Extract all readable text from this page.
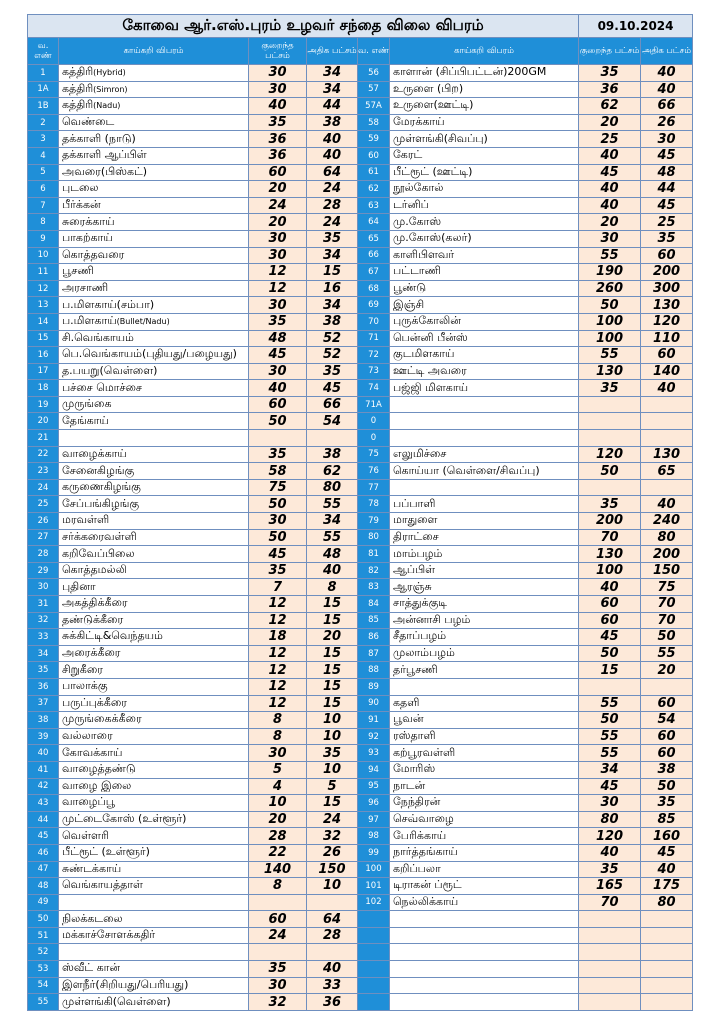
கோவை ஆர்.எஸ்.புரம் உழவர் சந்தை விலை விபரம்						09.10.2024	
வ. எண்	காய்கறி விபரம்	குறைந்த பட்சம்	அதிக பட்சம்	வ. எண்	காய்கறி விபரம்	குறைந்த பட்சம்	அதிக பட்சம்
1	கத்திரி(Hybrid)	30	34	56	காளான் (சிப்பிபட்டன்)200GM	35	40
1A	கத்திரி(Simron)	30	34	57	உருளை (பிற)	36	40
1B	கத்திரி(Nadu)	40	44	57A	உருளை(ஊட்டி)	62	66
2	வெண்டை	35	38	58	மேரக்காய்	20	26
3	தக்காளி (நாடு)	36	40	59	முள்ளங்கி(சிவப்பு)	25	30
4	தக்காளி ஆப்பிள்	36	40	60	கேரட்	40	45
5	அவரை(பிஸ்கட்)	60	64	61	பீட்ரூட் (ஊட்டி)	45	48
6	புடலை	20	24	62	நூல்கோல்	40	44
7	பீர்க்கன்	24	28	63	டர்னிப்	40	45
8	சுரைக்காய்	20	24	64	மு.கோஸ்	20	25
9	பாகற்காய்	30	35	65	மு.கோஸ்(கலர்)	30	35
10	கொத்தவரை	30	34	66	காளிபிளவர்	55	60
11	பூசணி	12	15	67	பட்டாணி	190	200
12	அரசாணி	12	16	68	பூண்டு	260	300
13	ப.மிளகாய்(சம்பா)	30	34	69	இஞ்சி	50	130
14	ப.மிளகாய்(Bullet/Nadu)	35	38	70	புருக்கோலின்	100	120
15	சி.வெங்காயம்	48	52	71	பென்னி பீன்ஸ்	100	110
16	பெ.வெங்காயம்(புதியது/பழையது)	45	52	72	குடமிளகாய்	55	60
17	த.பயறு(வெள்ளை)	30	35	73	ஊட்டி அவரை	130	140
18	பச்சை மொச்சை	40	45	74	பஜ்ஜி மிளகாய்	35	40
19	முருங்கை	60	66	71A			
20	தேங்காய்	50	54	0			
21				0			
22	வாழைக்காய்	35	38	75	எலுமிச்சை	120	130
23	சேனைகிழங்கு	58	62	76	கொய்யா (வெள்ளை/சிவப்பு)	50	65
24	கருணைகிழங்கு	75	80	77			
25	சேப்பங்கிழங்கு	50	55	78	பப்பாளி	35	40
26	மரவள்ளி	30	34	79	மாதுளை	200	240
27	சர்க்கரைவள்ளி	50	55	80	திராட்சை	70	80
28	கறிவேப்பிலை	45	48	81	மாம்பழம்	130	200
29	கொத்தமல்லி	35	40	82	ஆப்பிள்	100	150
30	புதினா	7	8	83	ஆரஞ்சு	40	75
31	அகத்திக்கீரை	12	15	84	சாத்துக்குடி	60	70
32	தண்டுக்கீரை	12	15	85	அன்னாசி பழம்	60	70
33	சுக்கிட்டி&வெந்தயம்	18	20	86	சீதாப்பழம்	45	50
34	அரைக்கீரை	12	15	87	முலாம்பழம்	50	55
35	சிறுகீரை	12	15	88	தர்பூசணி	15	20
36	பாலாக்கு	12	15	89			
37	பருப்புக்கீரை	12	15	90	கதளி	55	60
38	முருங்கைக்கீரை	8	10	91	பூவன்	50	54
39	வல்லாரை	8	10	92	ரஸ்தாளி	55	60
40	கோவக்காய்	30	35	93	கற்பூரவள்ளி	55	60
41	வாழைத்தண்டு	5	10	94	மோரிஸ்	34	38
42	வாழை இலை	4	5	95	நாடன்	45	50
43	வாழைப்பூ	10	15	96	நேந்திரன்	30	35
44	முட்டைகோஸ் (உள்ளூர்)	20	24	97	செவ்வாழை	80	85
45	வெள்ளரி	28	32	98	பேரிக்காய்	120	160
46	பீட்ரூட் (உள்ளூர்)	22	26	99	நார்த்தங்காய்	40	45
47	சுண்டக்காய்	140	150	100	கறிப்பலா	35	40
48	வெங்காயத்தாள்	8	10	101	டிராகன் ப்ரூட்	165	175
49				102	நெல்லிக்காய்	70	80
50	நிலக்கடலை	60	64				
51	மக்காச்சோளக்கதிர்	24	28				
52							
53	ஸ்வீட் கான்	35	40				
54	இளநீர்(சிறியது/பெரியது)	30	33				
55	முள்ளங்கி(வெள்ளை)	32	36				
